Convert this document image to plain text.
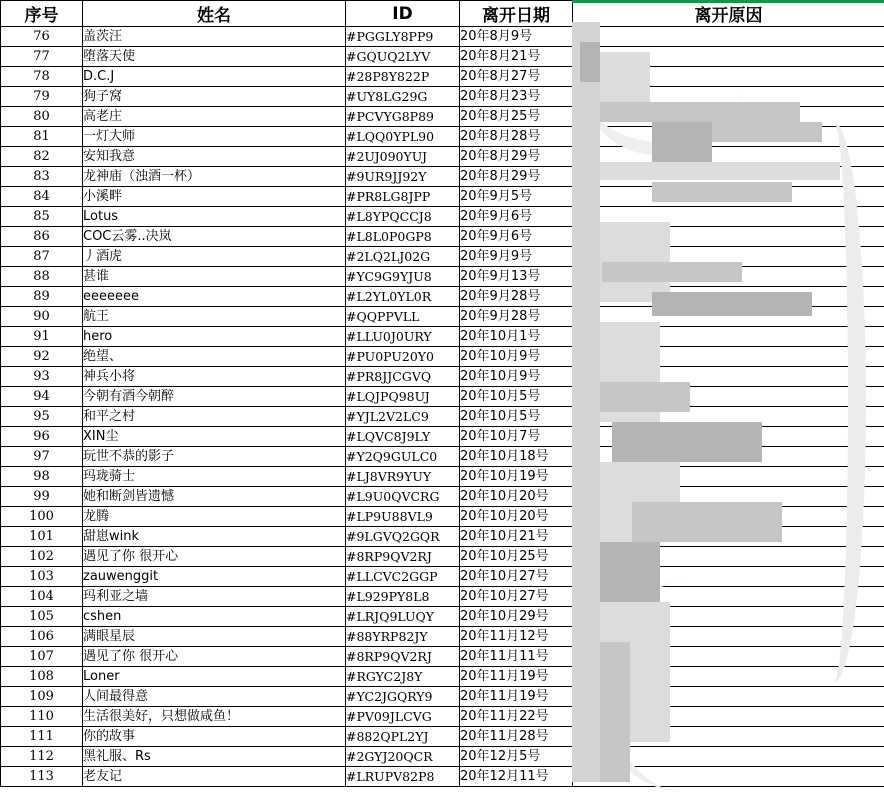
序号	姓名	ID	离开日期	离开原因
76	盖茨汪	#PGGLY8PP9	20年8月9号	
77	堕落天使	#GQUQ2LYV	20年8月21号	
78	D.C.J	#28P8Y822P	20年8月27号	
79	狗子窝	#UY8LG29G	20年8月23号	
80	高老庄	#PCVYG8P89	20年8月25号	
81	一灯大师	#LQQ0YPL90	20年8月28号	
82	安知我意	#2UJ090YUJ	20年8月29号	
83	龙神庙（浊酒一杯）	#9UR9JJ92Y	20年8月29号	
84	小溪畔	#PR8LG8JPP	20年9月5号	
85	Lotus	#L8YPQCCJ8	20年9月6号	
86	COC云雾..决岚	#L8L0P0GP8	20年9月6号	
87	丿酒虎	#2LQ2LJ02G	20年9月9号	
88	甚谁	#YC9G9YJU8	20年9月13号	
89	eeeeeee	#L2YL0YL0R	20年9月28号	
90	航王	#QQPPVLL	20年9月28号	
91	hero	#LLU0J0URY	20年10月1号	
92	绝望、	#PU0PU20Y0	20年10月9号	
93	神兵小将	#PR8JJCGVQ	20年10月9号	
94	今朝有酒今朝醉	#LQJPQ98UJ	20年10月5号	
95	和平之村	#YJL2V2LC9	20年10月5号	
96	XIN尘	#LQVC8J9LY	20年10月7号	
97	玩世不恭的影子	#Y2Q9GULC0	20年10月18号	
98	玛珑骑士	#LJ8VR9YUY	20年10月19号	
99	她和断剑皆遗憾	#L9U0QVCRG	20年10月20号	
100	龙腾	#LP9U88VL9	20年10月20号	
101	甜崽wink	#9LGVQ2GQR	20年10月21号	
102	遇见了你 很开心	#8RP9QV2RJ	20年10月25号	
103	zauwenggit	#LLCVC2GGP	20年10月27号	
104	玛利亚之墙	#L929PY8L8	20年10月27号	
105	cshen	#LRJQ9LUQY	20年10月29号	
106	满眼星辰	#88YRP82JY	20年11月12号	
107	遇见了你 很开心	#8RP9QV2RJ	20年11月11号	
108	Loner	#RGYC2J8Y	20年11月19号	
109	人间最得意	#YC2JGQRY9	20年11月19号	
110	生活很美好，只想做咸鱼！	#PV09JLCVG	20年11月22号	
111	你的故事	#882QPL2YJ	20年11月28号	
112	黑礼服、Rs	#2GYJ20QCR	20年12月5号	
113	老友记	#LRUPV82P8	20年12月11号	
